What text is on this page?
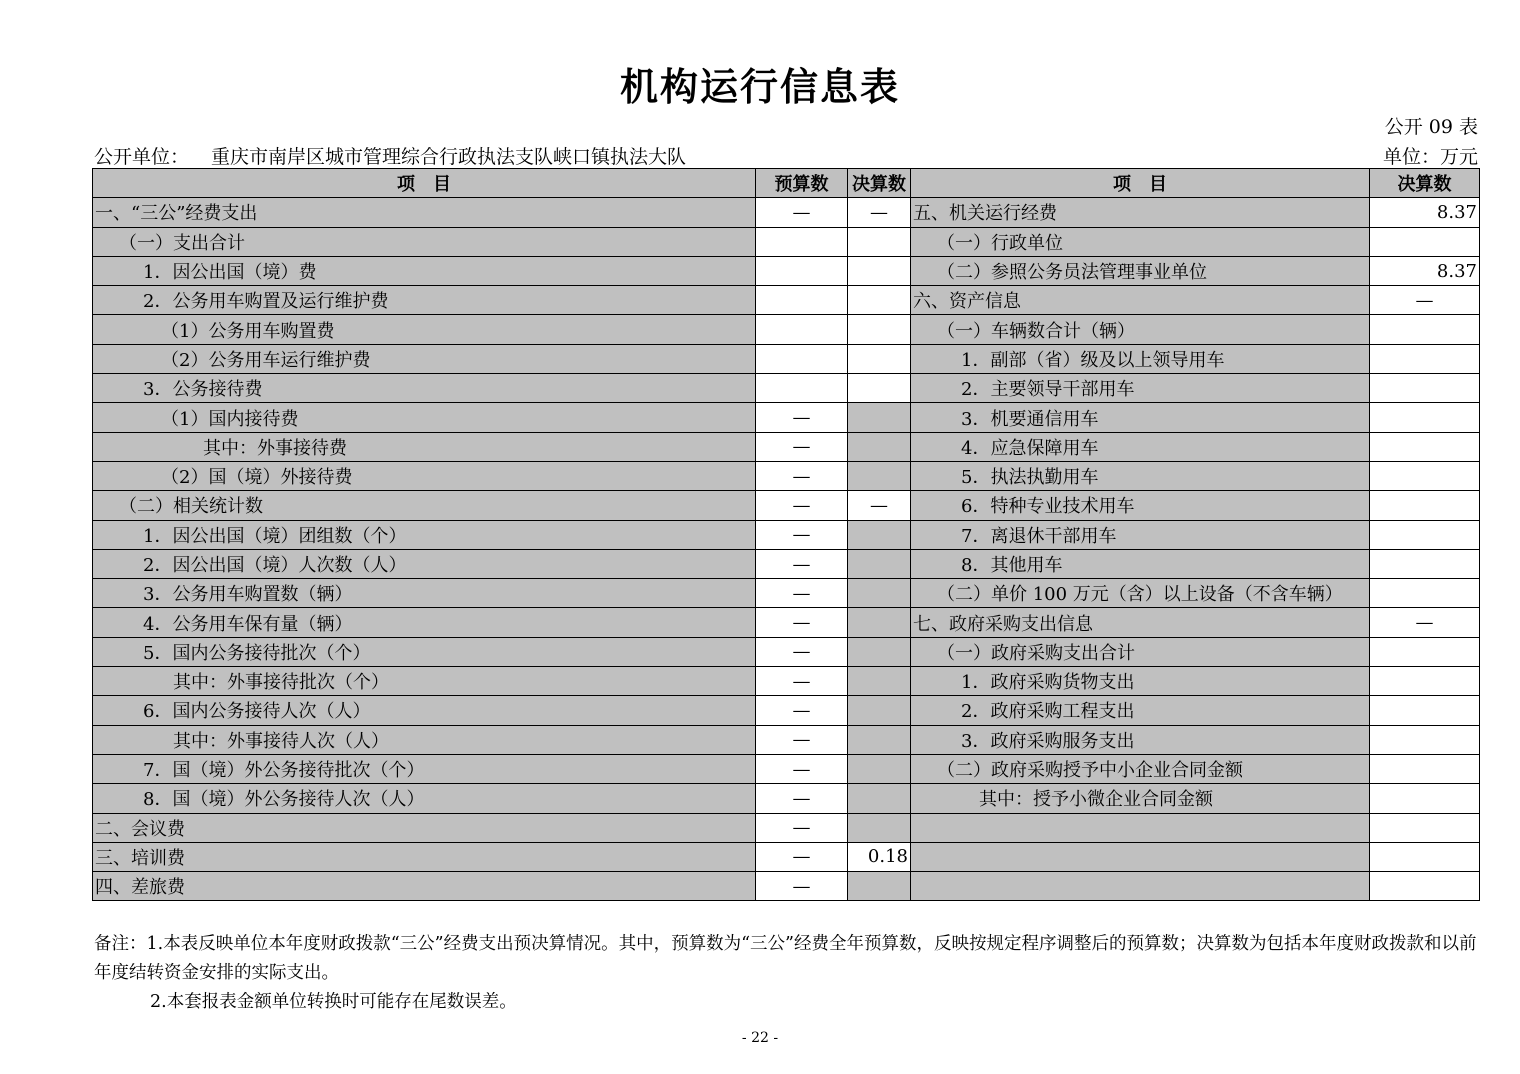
机构运行信息表
公开 09 表
公开单位： 重庆市南岸区城市管理综合行政执法支队峡口镇执法大队	单位：万元
项　目	预算数	决算数	项　目	决算数
一、“三公”经费支出	—	—	五、机关运行经费	8.37
（一）支出合计			（一）行政单位	
1．因公出国（境）费			（二）参照公务员法管理事业单位	8.37
2．公务用车购置及运行维护费			六、资产信息	—
（1）公务用车购置费			（一）车辆数合计（辆）	
（2）公务用车运行维护费			1．副部（省）级及以上领导用车	
3．公务接待费			2．主要领导干部用车	
（1）国内接待费	—		3．机要通信用车	
其中：外事接待费	—		4．应急保障用车	
（2）国（境）外接待费	—		5．执法执勤用车	
（二）相关统计数	—	—	6．特种专业技术用车	
1．因公出国（境）团组数（个）	—		7．离退休干部用车	
2．因公出国（境）人次数（人）	—		8．其他用车	
3．公务用车购置数（辆）	—		（二）单价 100 万元（含）以上设备（不含车辆）	
4．公务用车保有量（辆）	—		七、政府采购支出信息	—
5．国内公务接待批次（个）	—		（一）政府采购支出合计	
其中：外事接待批次（个）	—		1．政府采购货物支出	
6．国内公务接待人次（人）	—		2．政府采购工程支出	
其中：外事接待人次（人）	—		3．政府采购服务支出	
7．国（境）外公务接待批次（个）	—		（二）政府采购授予中小企业合同金额	
8．国（境）外公务接待人次（人）	—		其中：授予小微企业合同金额	
二、会议费	—			
三、培训费	—	0.18		
四、差旅费	—			
备注：1.本表反映单位本年度财政拨款“三公”经费支出预决算情况。其中，预算数为“三公”经费全年预算数，反映按规定程序调整后的预算数；决算数为包括本年度财政拨款和以前年度结转资金安排的实际支出。
2.本套报表金额单位转换时可能存在尾数误差。
- 22 -
